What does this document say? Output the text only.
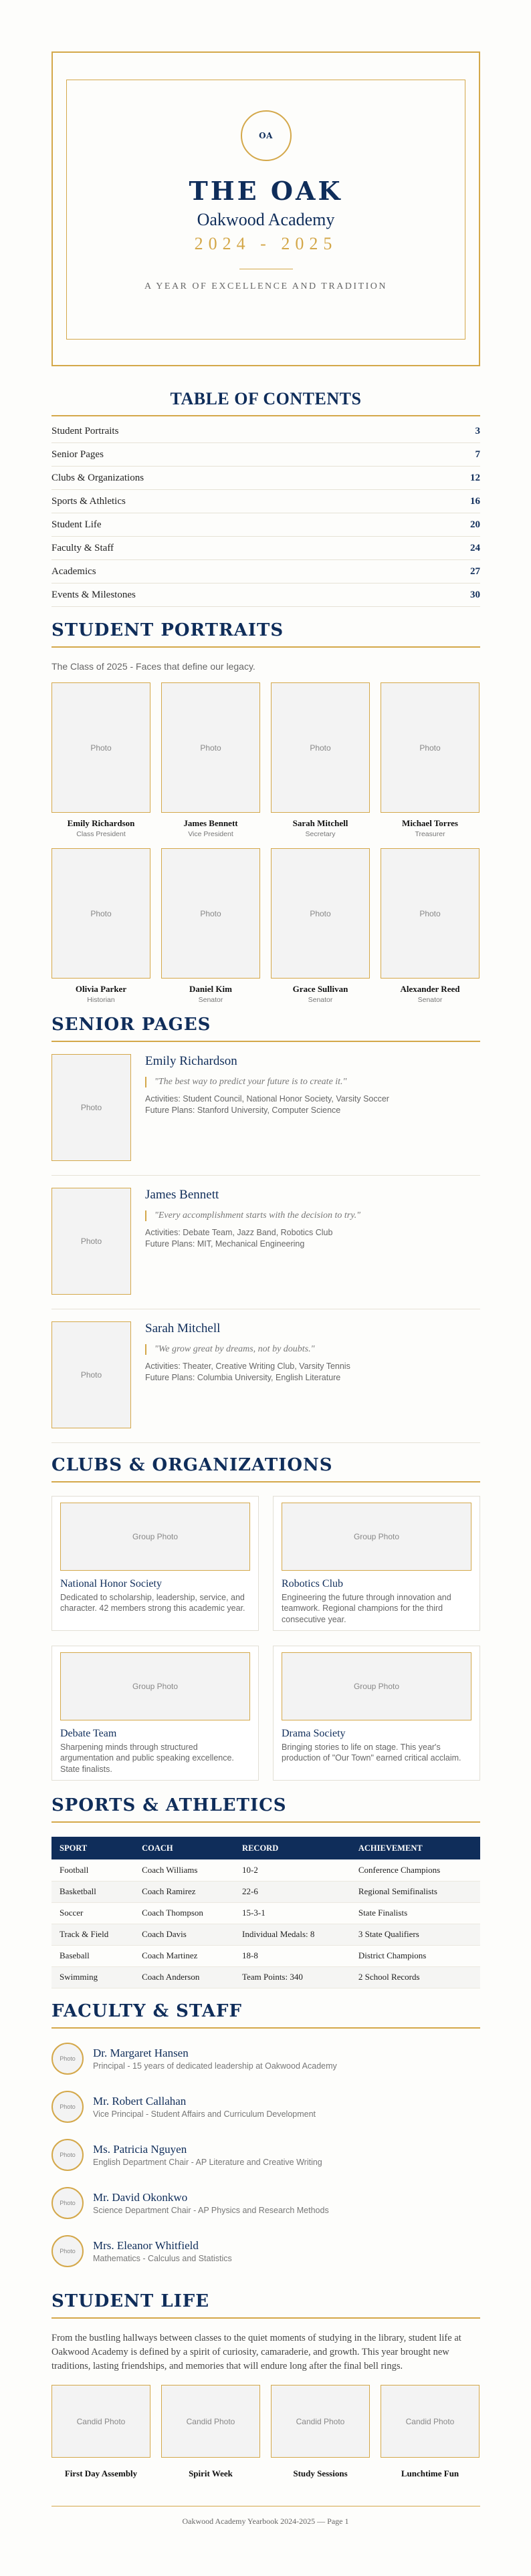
OA
THE OAK
Oakwood Academy
2024 - 2025
A YEAR OF EXCELLENCE AND TRADITION
TABLE OF CONTENTS
Student Portraits	3
Senior Pages	7
Clubs & Organizations	12
Sports & Athletics	16
Student Life	20
Faculty & Staff	24
Academics	27
Events & Milestones	30
STUDENT PORTRAITS
The Class of 2025 - Faces that define our legacy.
Photo
Emily Richardson
Class President
Photo
James Bennett
Vice President
Photo
Sarah Mitchell
Secretary
Photo
Michael Torres
Treasurer
Photo
Olivia Parker
Historian
Photo
Daniel Kim
Senator
Photo
Grace Sullivan
Senator
Photo
Alexander Reed
Senator
SENIOR PAGES
Photo
Emily Richardson
"The best way to predict your future is to create it."
Activities: Student Council, National Honor Society, Varsity Soccer
Future Plans: Stanford University, Computer Science
Photo
James Bennett
"Every accomplishment starts with the decision to try."
Activities: Debate Team, Jazz Band, Robotics Club
Future Plans: MIT, Mechanical Engineering
Photo
Sarah Mitchell
"We grow great by dreams, not by doubts."
Activities: Theater, Creative Writing Club, Varsity Tennis
Future Plans: Columbia University, English Literature
CLUBS & ORGANIZATIONS
Group Photo
National Honor Society
Dedicated to scholarship, leadership, service, and character. 42 members strong this academic year.
Group Photo
Robotics Club
Engineering the future through innovation and teamwork. Regional champions for the third consecutive year.
Group Photo
Debate Team
Sharpening minds through structured argumentation and public speaking excellence. State finalists.
Group Photo
Drama Society
Bringing stories to life on stage. This year's production of "Our Town" earned critical acclaim.
SPORTS & ATHLETICS
SPORT	COACH	RECORD	ACHIEVEMENT
Football	Coach Williams	10-2	Conference Champions
Basketball	Coach Ramirez	22-6	Regional Semifinalists
Soccer	Coach Thompson	15-3-1	State Finalists
Track & Field	Coach Davis	Individual Medals: 8	3 State Qualifiers
Baseball	Coach Martinez	18-8	District Champions
Swimming	Coach Anderson	Team Points: 340	2 School Records
FACULTY & STAFF
Photo	Dr. Margaret Hansen
Principal - 15 years of dedicated leadership at Oakwood Academy
Photo	Mr. Robert Callahan
Vice Principal - Student Affairs and Curriculum Development
Photo	Ms. Patricia Nguyen
English Department Chair - AP Literature and Creative Writing
Photo	Mr. David Okonkwo
Science Department Chair - AP Physics and Research Methods
Photo	Mrs. Eleanor Whitfield
Mathematics - Calculus and Statistics
STUDENT LIFE
From the bustling hallways between classes to the quiet moments of studying in the library, student life at Oakwood Academy is defined by a spirit of curiosity, camaraderie, and growth. This year brought new traditions, lasting friendships, and memories that will endure long after the final bell rings.
Candid Photo
First Day Assembly
Candid Photo
Spirit Week
Candid Photo
Study Sessions
Candid Photo
Lunchtime Fun
Oakwood Academy Yearbook 2024-2025 — Page 1
